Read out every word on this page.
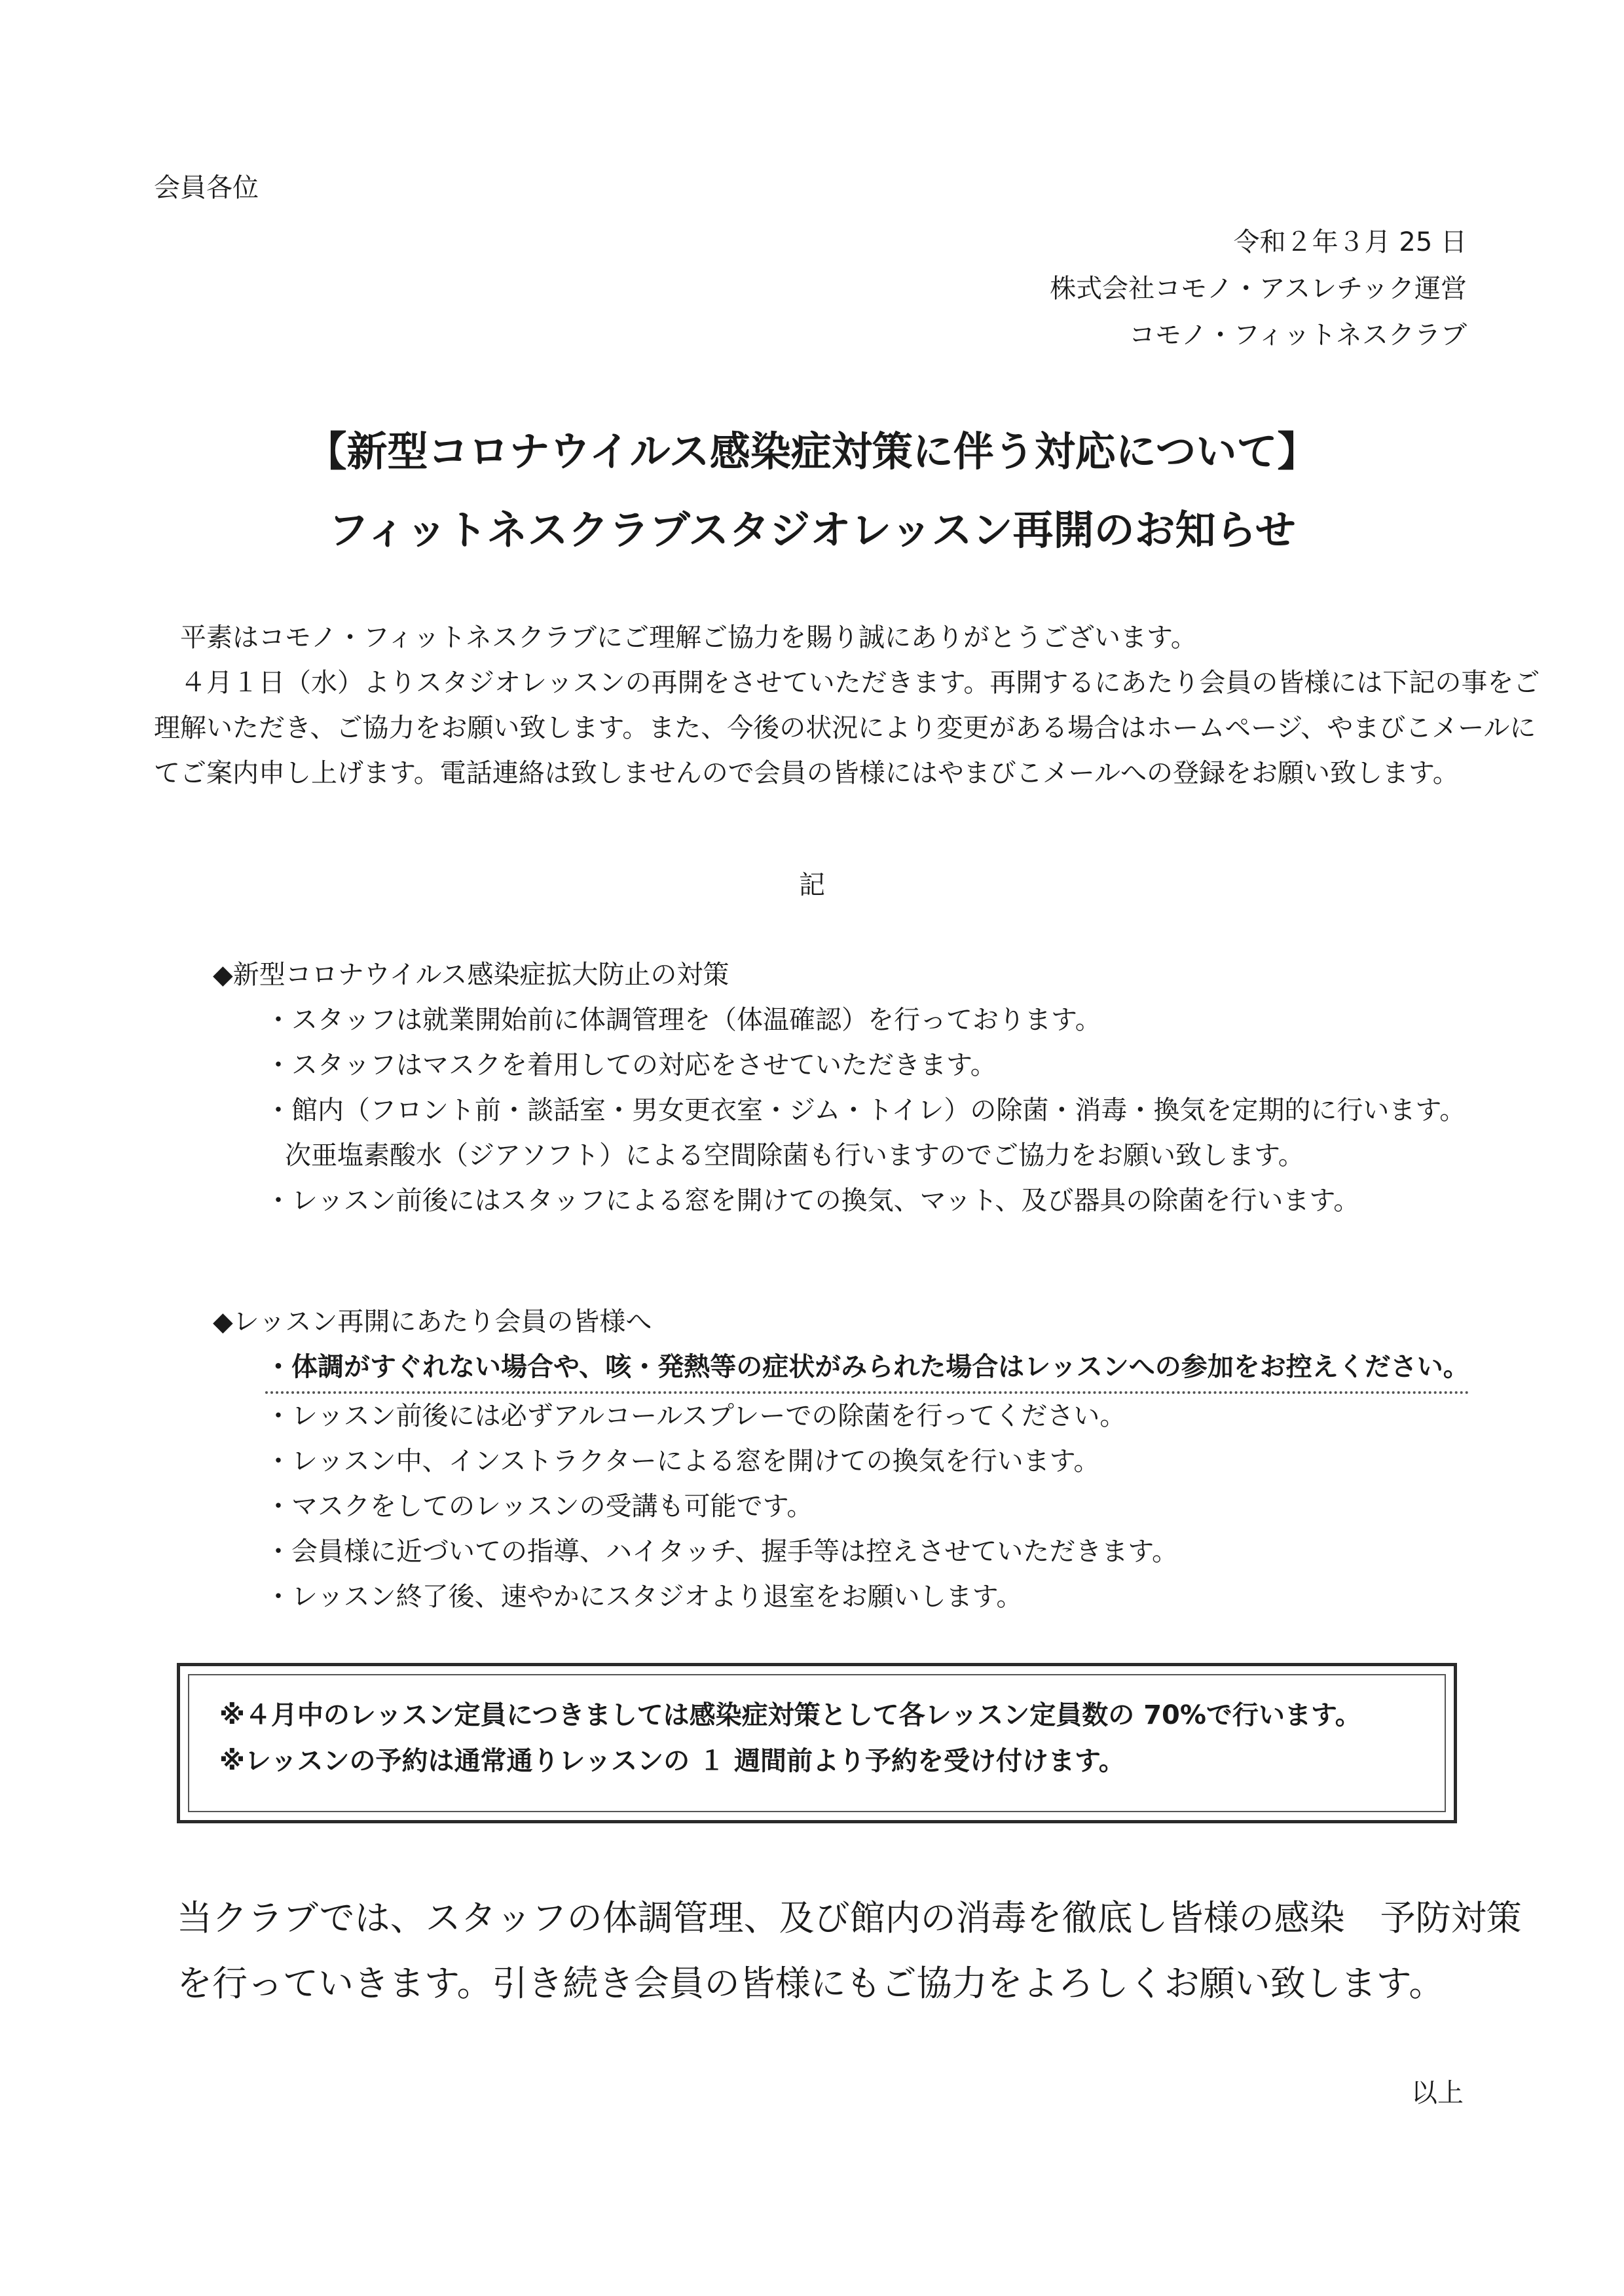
会員各位
令和２年３月 25 日
株式会社コモノ・アスレチック運営
コモノ・フィットネスクラブ
【新型コロナウイルス感染症対策に伴う対応について】
フィットネスクラブスタジオレッスン再開のお知らせ

平素はコモノ・フィットネスクラブにご理解ご協力を賜り誠にありがとうございます。

４月１日（水）よりスタジオレッスンの再開をさせていただきます。再開するにあたり会員の皆様には下記の事をご

理解いただき、ご協力をお願い致します。また、今後の状況により変更がある場合はホームページ、やまびこメールに

てご案内申し上げます。電話連絡は致しませんので会員の皆様にはやまびこメールへの登録をお願い致します。

記
◆新型コロナウイルス感染症拡大防止の対策
・スタッフは就業開始前に体調管理を（体温確認）を行っております。
・スタッフはマスクを着用しての対応をさせていただきます。
・館内（フロント前・談話室・男女更衣室・ジム・トイレ）の除菌・消毒・換気を定期的に行います。
次亜塩素酸水（ジアソフト）による空間除菌も行いますのでご協力をお願い致します。
・レッスン前後にはスタッフによる窓を開けての換気、マット、及び器具の除菌を行います。
◆レッスン再開にあたり会員の皆様へ
・体調がすぐれない場合や、咳・発熱等の症状がみられた場合はレッスンへの参加をお控えください。
・レッスン前後には必ずアルコールスプレーでの除菌を行ってください。
・レッスン中、インストラクターによる窓を開けての換気を行います。
・マスクをしてのレッスンの受講も可能です。
・会員様に近づいての指導、ハイタッチ、握手等は控えさせていただきます。
・レッスン終了後、速やかにスタジオより退室をお願いします。
※４月中のレッスン定員につきましては感染症対策として各レッスン定員数の 70%で行います。
※レッスンの予約は通常通りレッスンの １ 週間前より予約を受け付けます。

当クラブでは、スタッフの体調管理、及び館内の消毒を徹底し皆様の感染　予防対策

を行っていきます。引き続き会員の皆様にもご協力をよろしくお願い致します。

以上
